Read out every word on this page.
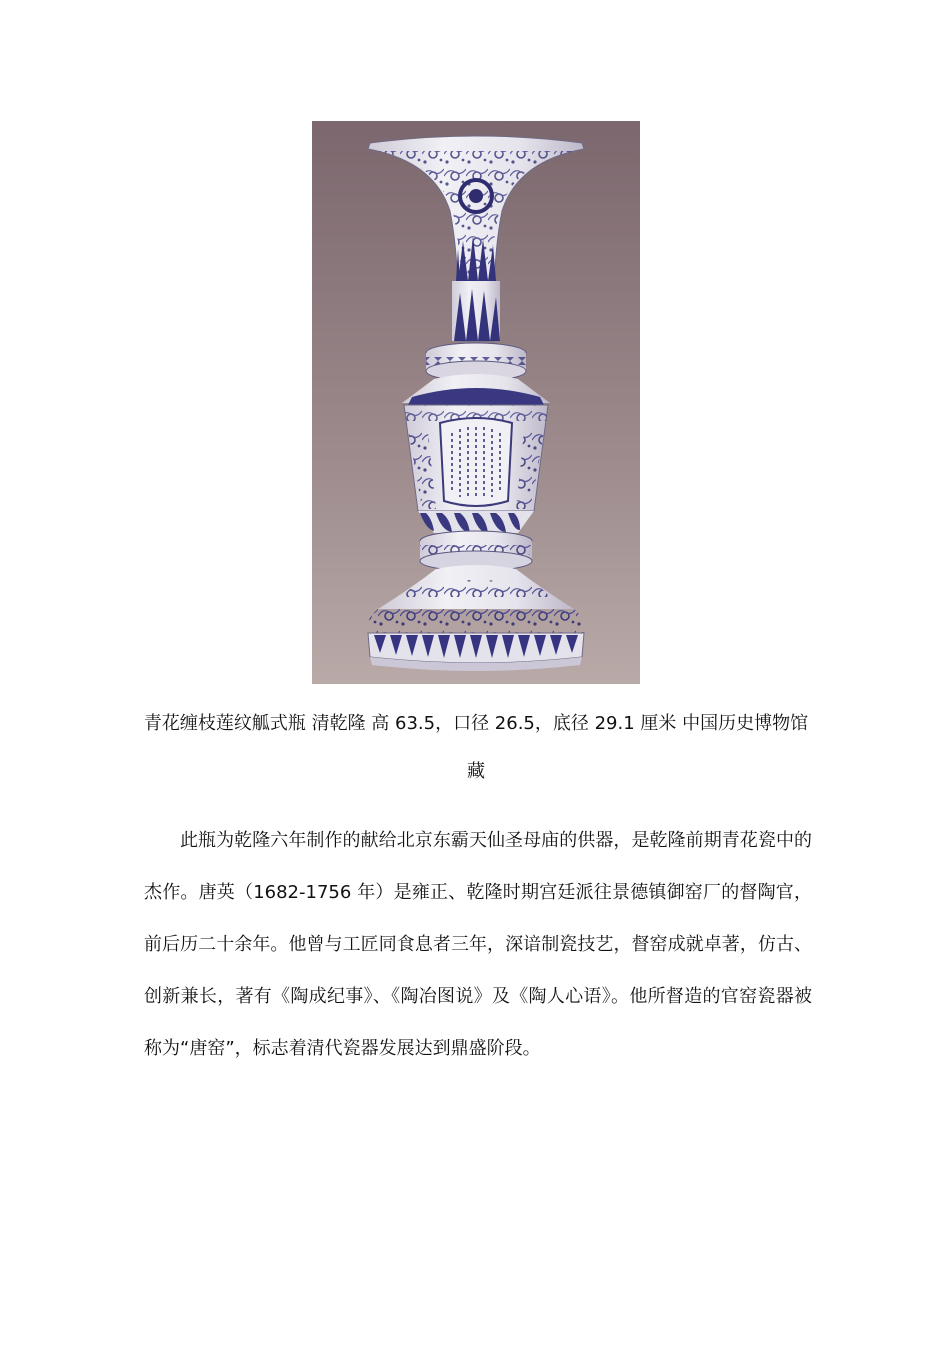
青花缠枝莲纹觚式瓶 清乾隆 高 63.5，口径 26.5，底径 29.1 厘米 中国历史博物馆藏

此瓶为乾隆六年制作的献给北京东霸天仙圣母庙的供器，是乾隆前期青花瓷中的杰作。唐英（1682-1756 年）是雍正、乾隆时期宫廷派往景德镇御窑厂的督陶官，前后历二十余年。他曾与工匠同食息者三年，深谙制瓷技艺，督窑成就卓著，仿古、创新兼长，著有《陶成纪事》、《陶冶图说》及《陶人心语》。他所督造的官窑瓷器被称为“唐窑”，标志着清代瓷器发展达到鼎盛阶段。
